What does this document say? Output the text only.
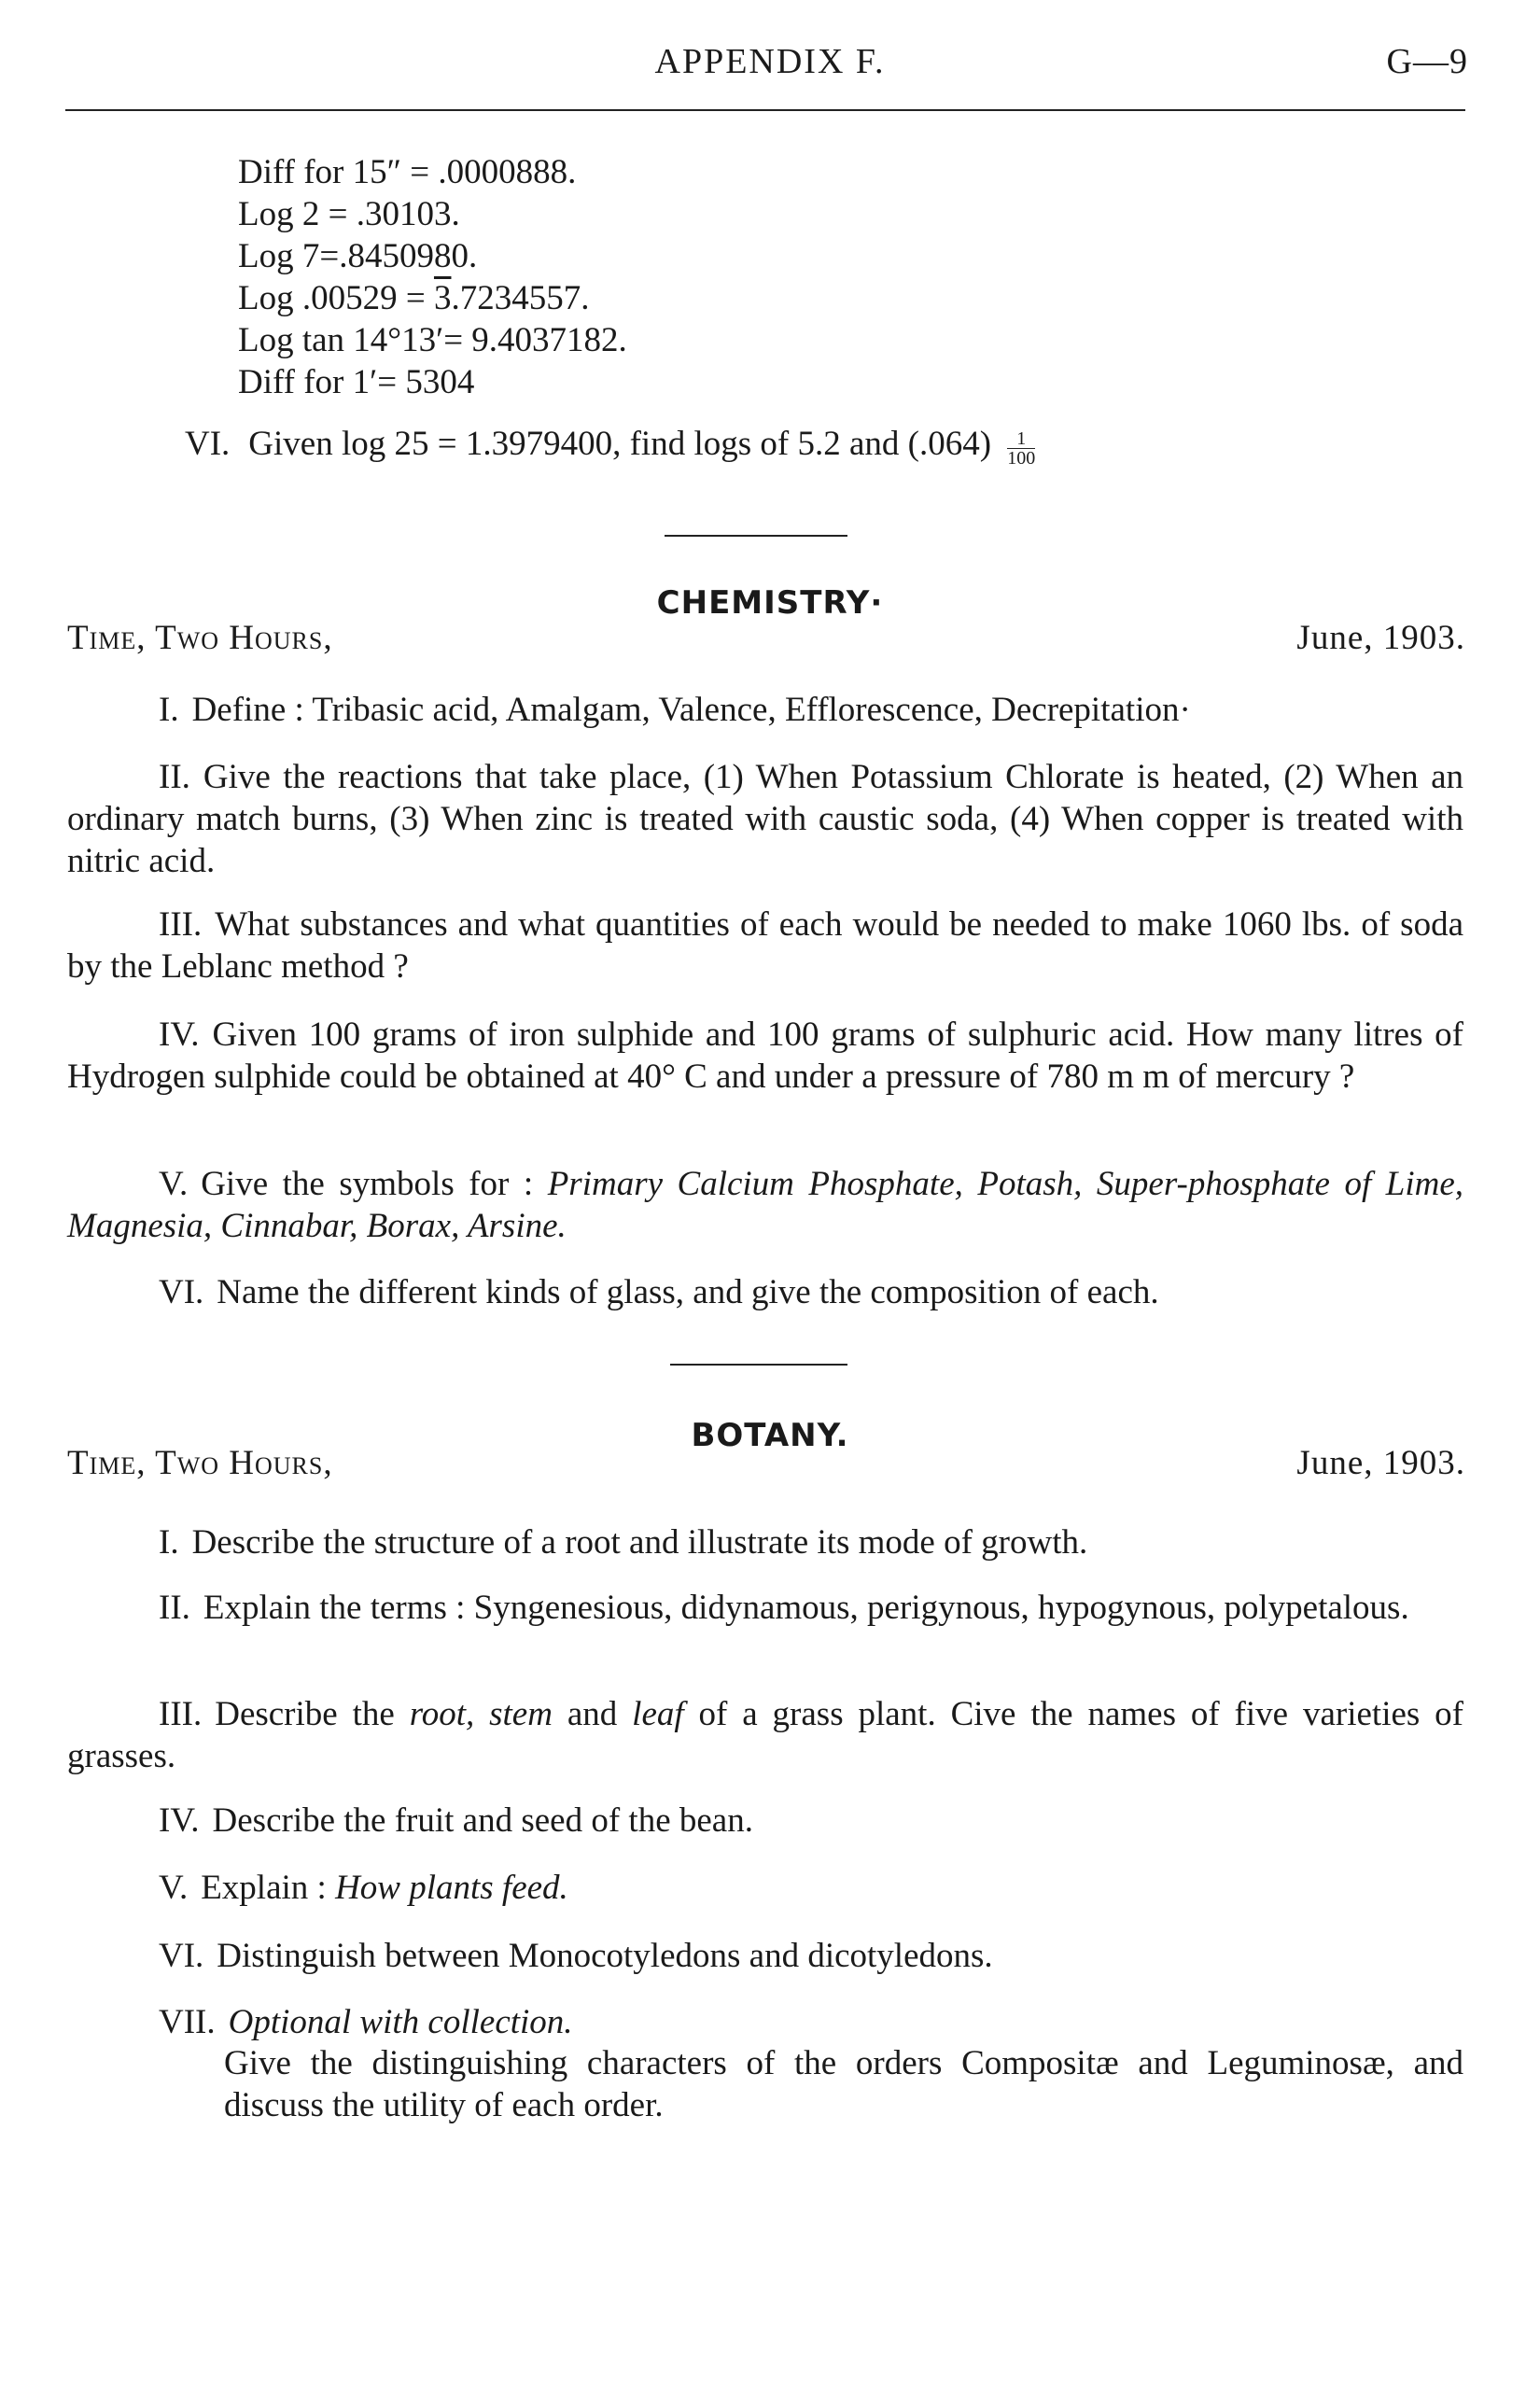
APPENDIX F.	G—9
Diff for 15″ = .0000888.
Log 2 = .30103.
Log 7=.8450980.
Log .00529 = 3.7234557.
Log tan 14°13′= 9.4037182.
Diff for 1′= 5304
VI. Given log 25 = 1.3979400, find logs of 5.2 and $(.064) \frac{1}{100}$
CHEMISTRY·
Time, Two Hours,	June, 1903.
I. Define : Tribasic acid, Amalgam, Valence, Efflorescence, Decrepitation·
II. Give the reactions that take place, (1) When Potassium Chlorate is heated, (2) When an ordinary match burns, (3) When zinc is treated with caustic soda, (4) When copper is treated with nitric acid.
III. What substances and what quantities of each would be needed to make 1060 lbs. of soda by the Leblanc method ?
IV. Given 100 grams of iron sulphide and 100 grams of sulphuric acid. How many litres of Hydrogen sulphide could be obtained at 40° C and under a pressure of 780 m m of mercury ?
V. Give the symbols for : Primary Calcium Phosphate, Potash, Super-phosphate of Lime, Magnesia, Cinnabar, Borax, Arsine.
VI. Name the different kinds of glass, and give the composition of each.
BOTANY.
Time, Two Hours,	June, 1903.
I. Describe the structure of a root and illustrate its mode of growth.
II. Explain the terms : Syngenesious, didynamous, perigynous, hypogynous, polypetalous.
III. Describe the root, stem and leaf of a grass plant. Cive the names of five varieties of grasses.
IV. Describe the fruit and seed of the bean.
V. Explain : How plants feed.
VI. Distinguish between Monocotyledons and dicotyledons.
VII. Optional with collection.
Give the distinguishing characters of the orders Compositæ and Leguminosæ, and discuss the utility of each order.
